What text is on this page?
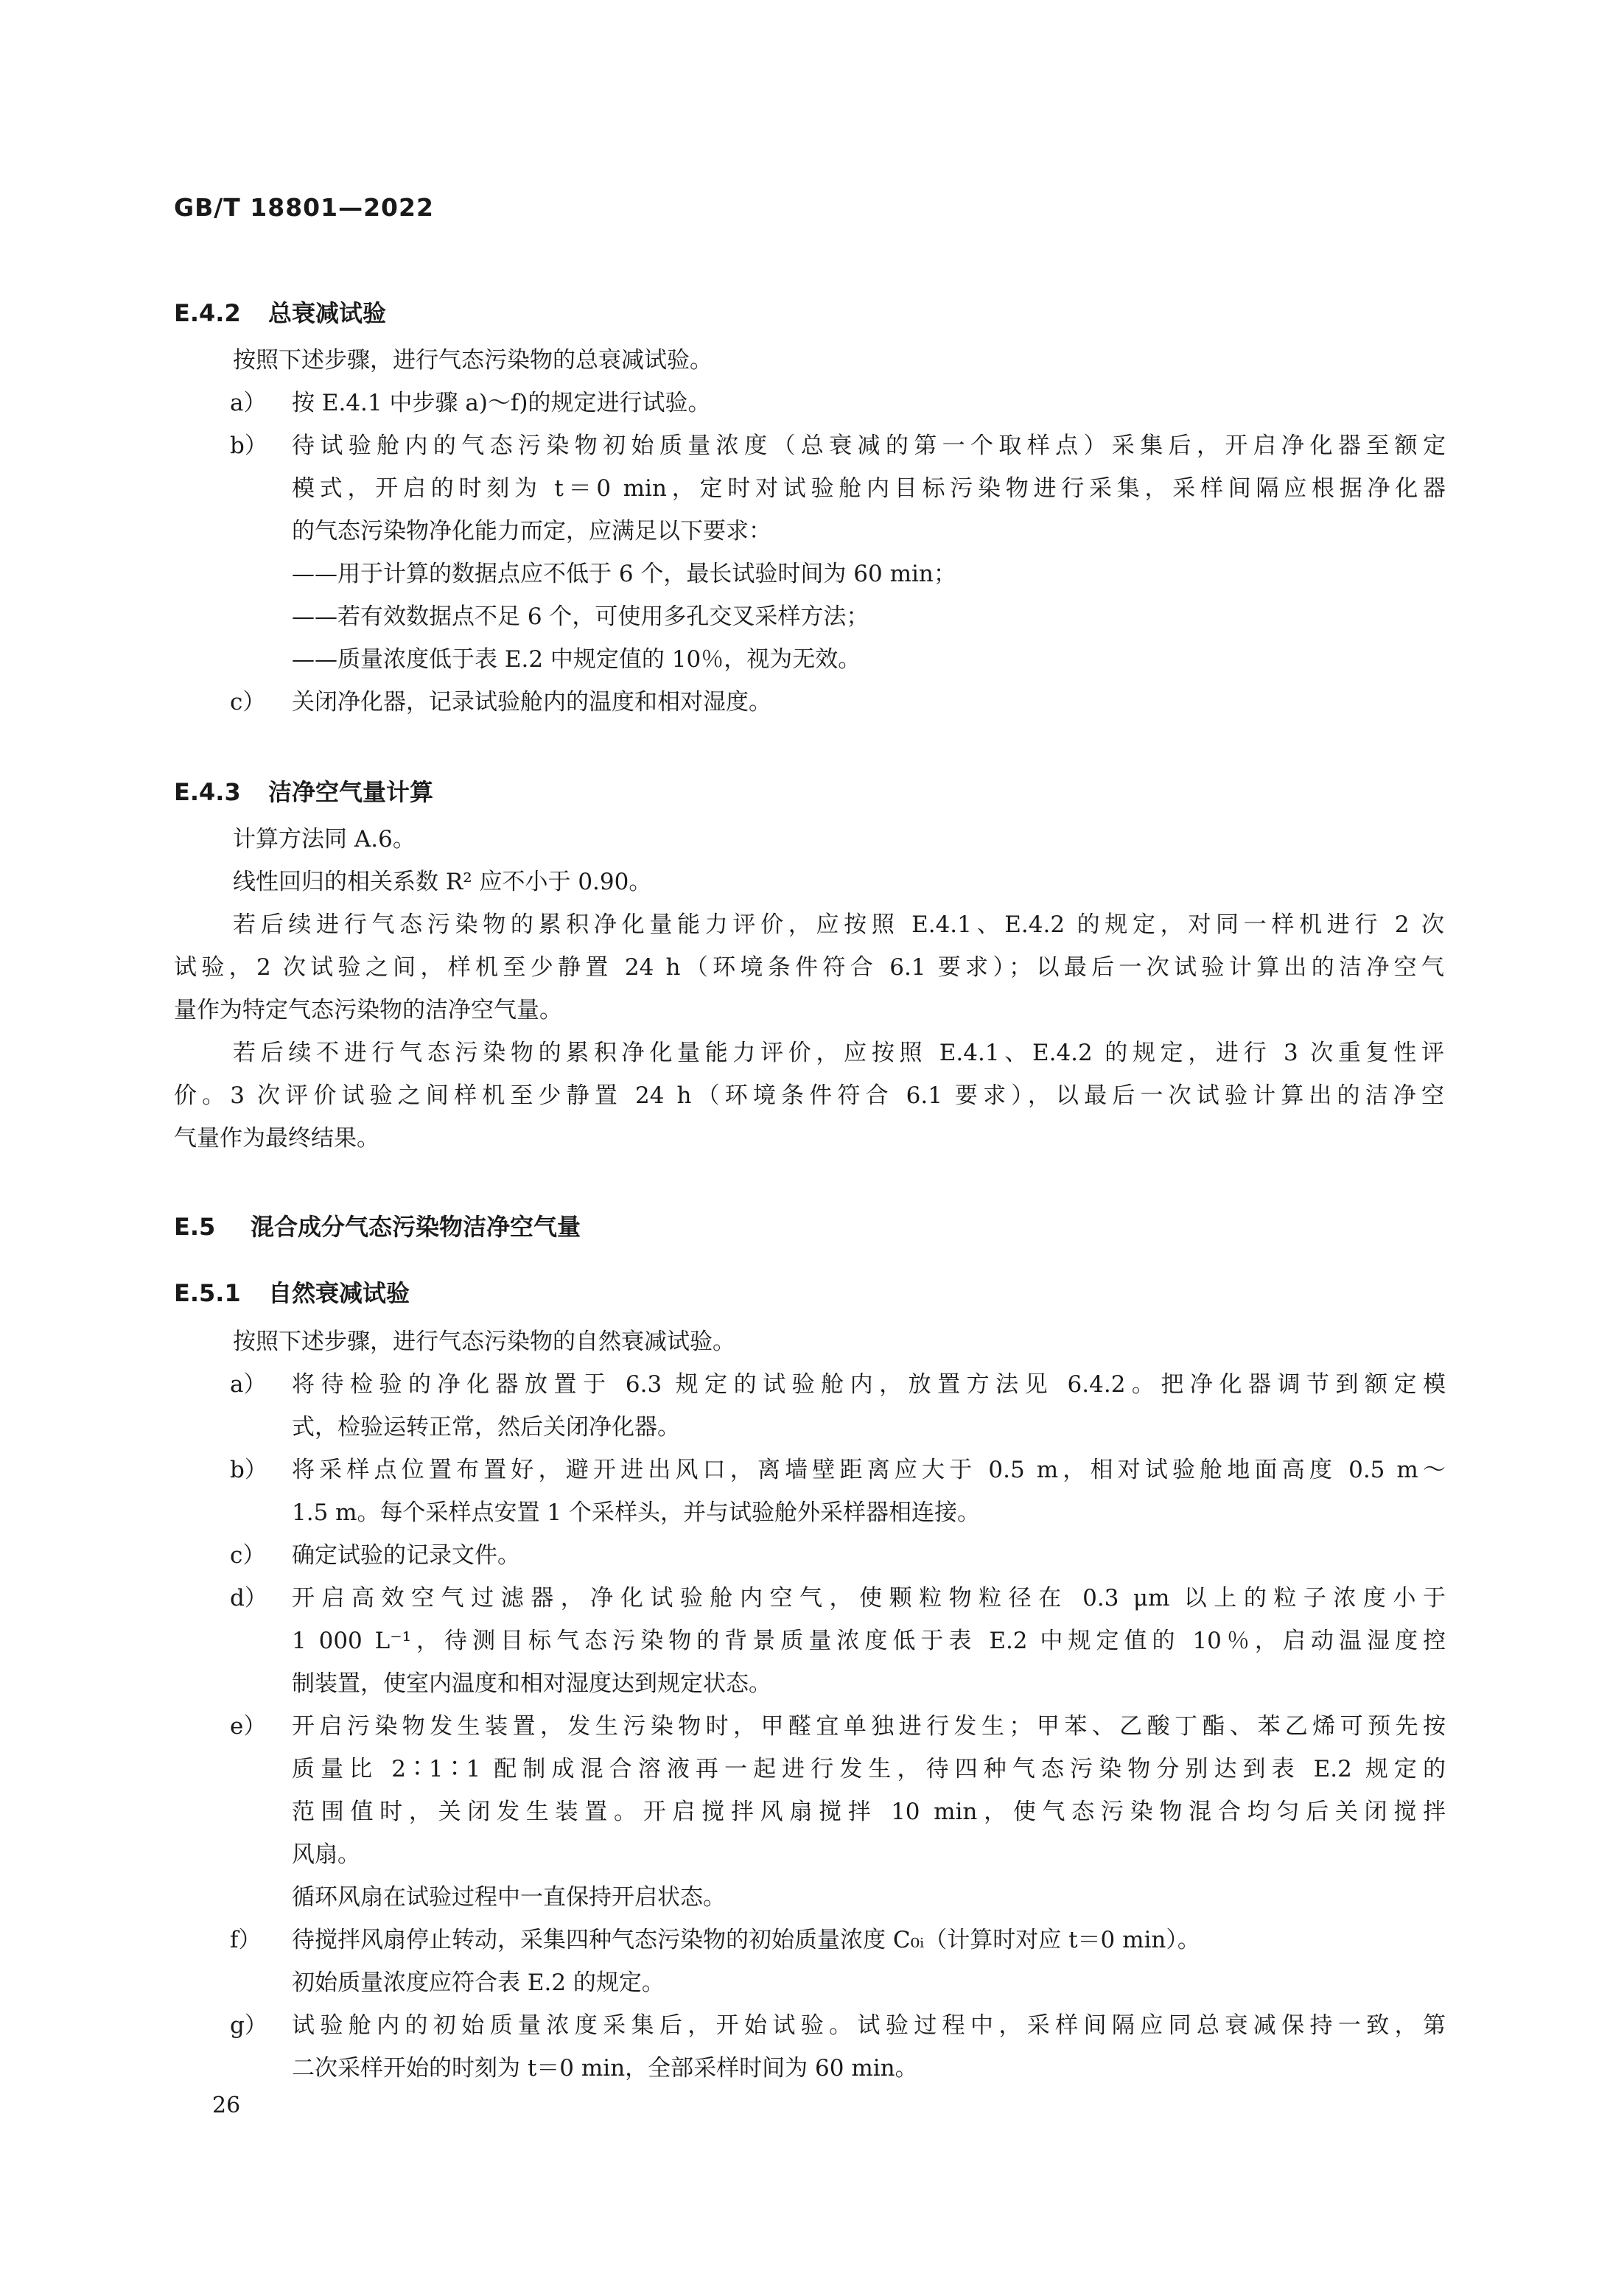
GB/T 18801—2022
E.4.2 总衰减试验
按照下述步骤，进行气态污染物的总衰减试验。
a） 按 E.4.1 中步骤 a)～f)的规定进行试验。
b） 待试验舱内的气态污染物初始质量浓度（总衰减的第一个取样点）采集后，开启净化器至额定
模式，开启的时刻为 t＝0 min，定时对试验舱内目标污染物进行采集，采样间隔应根据净化器
的气态污染物净化能力而定，应满足以下要求：
——用于计算的数据点应不低于 6 个，最长试验时间为 60 min；
——若有效数据点不足 6 个，可使用多孔交叉采样方法；
——质量浓度低于表 E.2 中规定值的 10％，视为无效。
c） 关闭净化器，记录试验舱内的温度和相对湿度。
E.4.3 洁净空气量计算
计算方法同 A.6。
线性回归的相关系数 R² 应不小于 0.90。
若后续进行气态污染物的累积净化量能力评价，应按照 E.4.1、E.4.2 的规定，对同一样机进行 2 次
试验，2 次试验之间，样机至少静置 24 h（环境条件符合 6.1 要求）；以最后一次试验计算出的洁净空气
量作为特定气态污染物的洁净空气量。
若后续不进行气态污染物的累积净化量能力评价，应按照 E.4.1、E.4.2 的规定，进行 3 次重复性评
价。3 次评价试验之间样机至少静置 24 h（环境条件符合 6.1 要求），以最后一次试验计算出的洁净空
气量作为最终结果。
E.5 混合成分气态污染物洁净空气量
E.5.1 自然衰减试验
按照下述步骤，进行气态污染物的自然衰减试验。
a） 将待检验的净化器放置于 6.3 规定的试验舱内，放置方法见 6.4.2。把净化器调节到额定模
式，检验运转正常，然后关闭净化器。
b） 将采样点位置布置好，避开进出风口，离墙壁距离应大于 0.5 m，相对试验舱地面高度 0.5 m～
1.5 m。每个采样点安置 1 个采样头，并与试验舱外采样器相连接。
c） 确定试验的记录文件。
d） 开启高效空气过滤器，净化试验舱内空气，使颗粒物粒径在 0.3 μm 以上的粒子浓度小于
1 000 L⁻¹，待测目标气态污染物的背景质量浓度低于表 E.2 中规定值的 10％，启动温湿度控
制装置，使室内温度和相对湿度达到规定状态。
e） 开启污染物发生装置，发生污染物时，甲醛宜单独进行发生；甲苯、乙酸丁酯、苯乙烯可预先按
质量比 2∶1∶1 配制成混合溶液再一起进行发生，待四种气态污染物分别达到表 E.2 规定的
范围值时，关闭发生装置。开启搅拌风扇搅拌 10 min，使气态污染物混合均匀后关闭搅拌
风扇。
循环风扇在试验过程中一直保持开启状态。
f） 待搅拌风扇停止转动，采集四种气态污染物的初始质量浓度 C₀ᵢ（计算时对应 t＝0 min）。
初始质量浓度应符合表 E.2 的规定。
g） 试验舱内的初始质量浓度采集后，开始试验。试验过程中，采样间隔应同总衰减保持一致，第
二次采样开始的时刻为 t＝0 min，全部采样时间为 60 min。
26
